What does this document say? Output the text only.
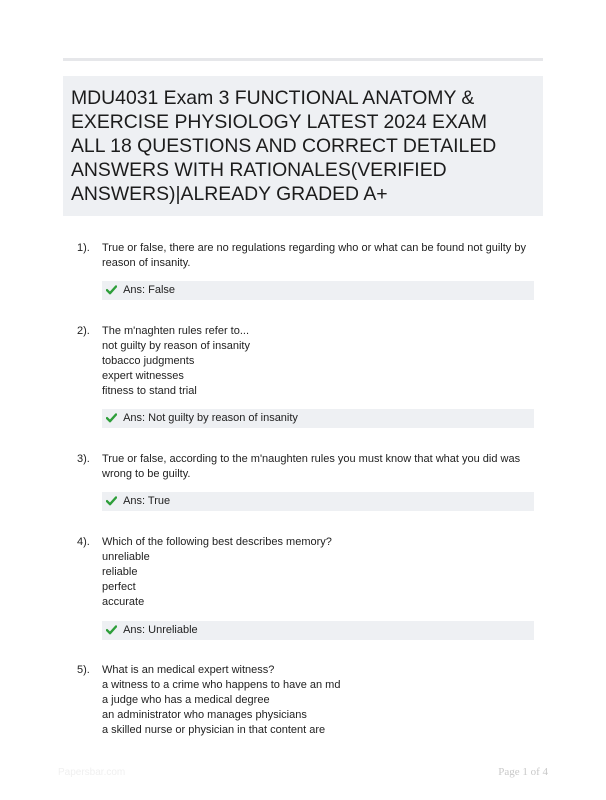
MDU4031 Exam 3 FUNCTIONAL ANATOMY &
EXERCISE PHYSIOLOGY LATEST 2024 EXAM
ALL 18 QUESTIONS AND CORRECT DETAILED
ANSWERS WITH RATIONALES(VERIFIED
ANSWERS)|ALREADY GRADED A+
1). True or false, there are no regulations regarding who or what can be found not guilty by
reason of insanity.
Ans: False
2). The m'naghten rules refer to...
not guilty by reason of insanity
tobacco judgments
expert witnesses
fitness to stand trial
Ans: Not guilty by reason of insanity
3). True or false, according to the m'naughten rules you must know that what you did was
wrong to be guilty.
Ans: True
4). Which of the following best describes memory?
unreliable
reliable
perfect
accurate
Ans: Unreliable
5). What is an medical expert witness?
a witness to a crime who happens to have an md
a judge who has a medical degree
an administrator who manages physicians
a skilled nurse or physician in that content are
Papersbar.com	Page 1 of 4
